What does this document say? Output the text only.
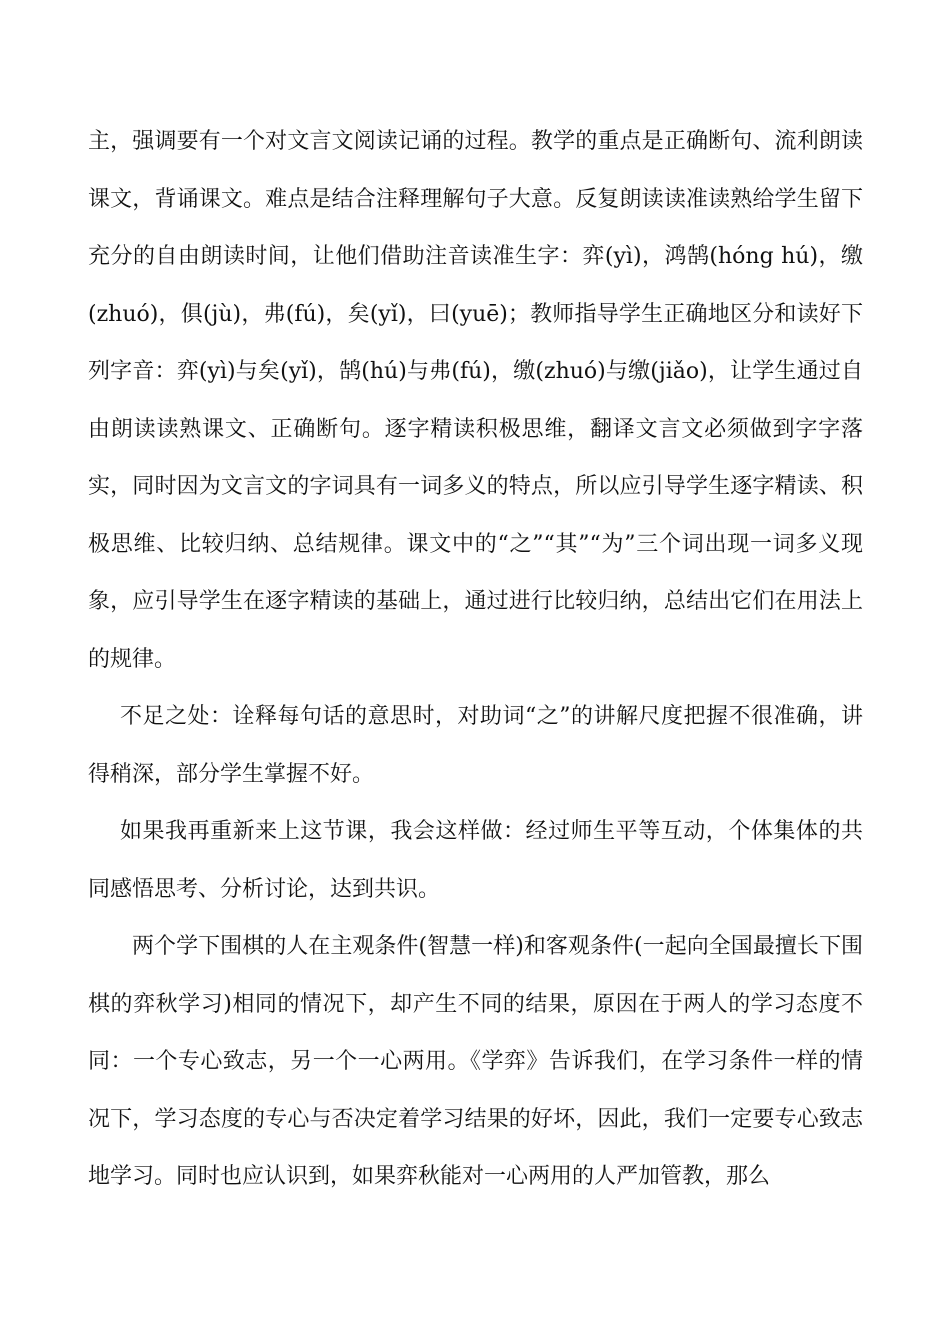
主，强调要有一个对文言文阅读记诵的过程。教学的重点是正确断句、流利朗读课文，背诵课文。难点是结合注释理解句子大意。反复朗读读准读熟给学生留下充分的自由朗读时间，让他们借助注音读准生字：弈(yì)，鸿鹄(hóng hú)，缴(zhuó)，俱(jù)，弗(fú)，矣(yǐ)，曰(yuē)；教师指导学生正确地区分和读好下列字音：弈(yì)与矣(yǐ)，鹄(hú)与弗(fú)，缴(zhuó)与缴(jiǎo)，让学生通过自由朗读读熟课文、正确断句。逐字精读积极思维，翻译文言文必须做到字字落实，同时因为文言文的字词具有一词多义的特点，所以应引导学生逐字精读、积极思维、比较归纳、总结规律。课文中的“之”“其”“为”三个词出现一词多义现象，应引导学生在逐字精读的基础上，通过进行比较归纳，总结出它们在用法上的规律。

不足之处：诠释每句话的意思时，对助词“之”的讲解尺度把握不很准确，讲得稍深，部分学生掌握不好。

如果我再重新来上这节课，我会这样做：经过师生平等互动，个体集体的共同感悟思考、分析讨论，达到共识。

两个学下围棋的人在主观条件(智慧一样)和客观条件(一起向全国最擅长下围棋的弈秋学习)相同的情况下，却产生不同的结果，原因在于两人的学习态度不同：一个专心致志，另一个一心两用。《学弈》告诉我们，在学习条件一样的情况下，学习态度的专心与否决定着学习结果的好坏，因此，我们一定要专心致志地学习。同时也应认识到，如果弈秋能对一心两用的人严加管教，那么
